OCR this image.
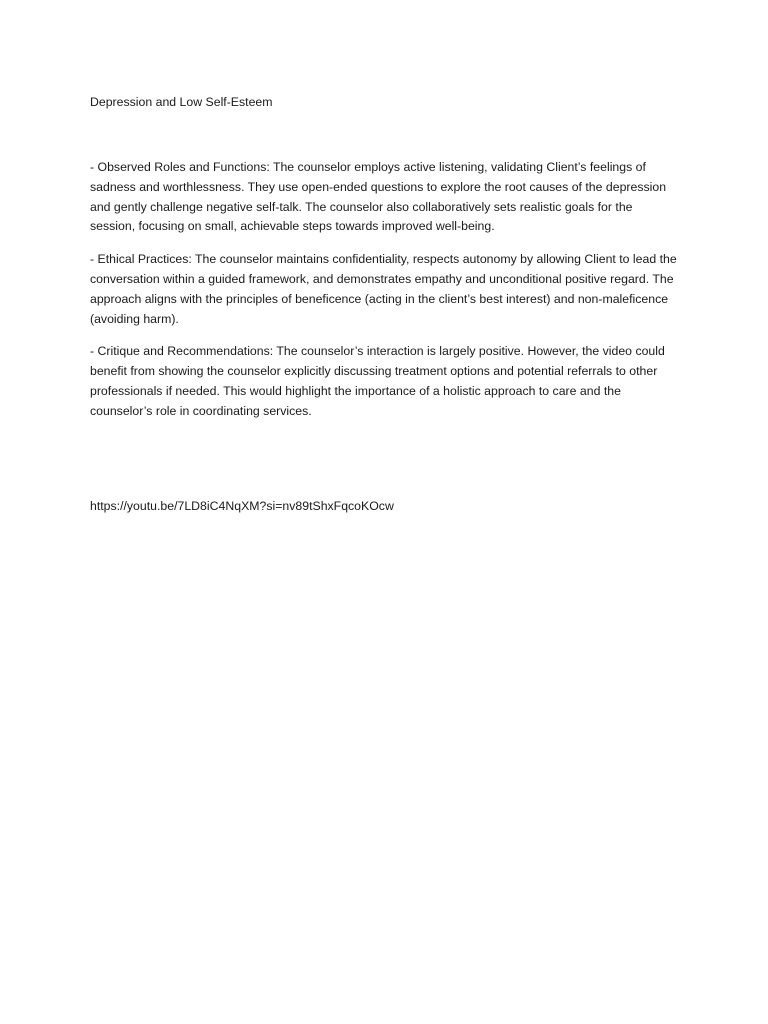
Depression and Low Self-Esteem

- Observed Roles and Functions: The counselor employs active listening, validating Client’s feelings of sadness and worthlessness. They use open-ended questions to explore the root causes of the depression and gently challenge negative self-talk. The counselor also collaboratively sets realistic goals for the session, focusing on small, achievable steps towards improved well-being.

- Ethical Practices: The counselor maintains confidentiality, respects autonomy by allowing Client to lead the conversation within a guided framework, and demonstrates empathy and unconditional positive regard. The approach aligns with the principles of beneficence (acting in the client’s best interest) and non-maleficence (avoiding harm).

- Critique and Recommendations: The counselor’s interaction is largely positive. However, the video could benefit from showing the counselor explicitly discussing treatment options and potential referrals to other professionals if needed. This would highlight the importance of a holistic approach to care and the counselor’s role in coordinating services.

https://youtu.be/7LD8iC4NqXM?si=nv89tShxFqcoKOcw
